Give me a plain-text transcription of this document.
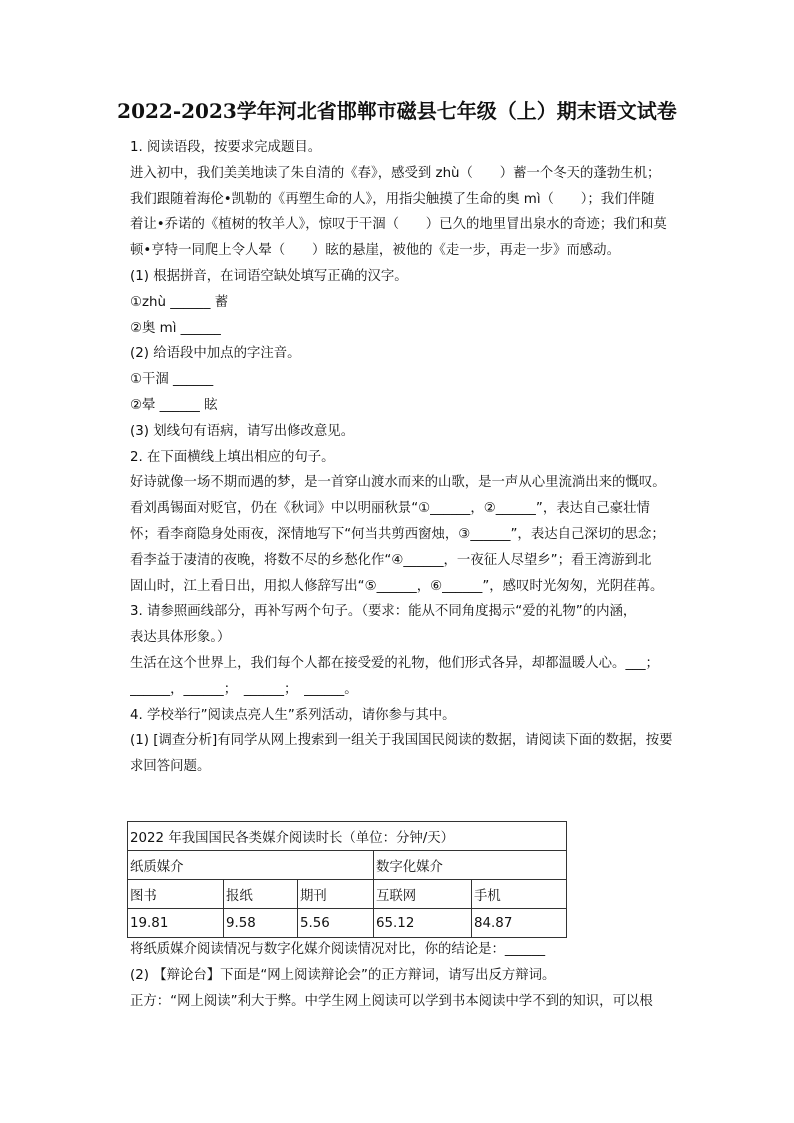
2022-2023学年河北省邯郸市磁县七年级（上）期末语文试卷
1. 阅读语段，按要求完成题目。
进入初中，我们美美地读了朱自清的《春》，感受到 zhù（　　）蓄一个冬天的蓬勃生机；
我们跟随着海伦•凯勒的《再塑生命的人》，用指尖触摸了生命的奥 mì（　　）；我们伴随
着让•乔诺的《植树的牧羊人》，惊叹于干涸（　　）已久的地里冒出泉水的奇迹；我们和莫
顿•亨特一同爬上令人晕（　　）眩的悬崖，被他的《走一步，再走一步》而感动。
(1) 根据拼音，在词语空缺处填写正确的汉字。
①zhù ______ 蓄
②奥 mì ______
(2) 给语段中加点的字注音。
①干涸 ______
②晕 ______ 眩
(3) 划线句有语病，请写出修改意见。
2. 在下面横线上填出相应的句子。
好诗就像一场不期而遇的梦，是一首穿山渡水而来的山歌，是一声从心里流淌出来的慨叹。
看刘禹锡面对贬官，仍在《秋词》中以明丽秋景“①______，②______”，表达自己豪壮情
怀；看李商隐身处雨夜，深情地写下“何当共剪西窗烛，③______”，表达自己深切的思念；
看李益于凄清的夜晚，将数不尽的乡愁化作“④______，一夜征人尽望乡”；看王湾游到北
固山时，江上看日出，用拟人修辞写出“⑤______，⑥______”，感叹时光匆匆，光阴荏苒。
3. 请参照画线部分，再补写两个句子。（要求：能从不同角度揭示“爱的礼物”的内涵，
表达具体形象。）
生活在这个世界上，我们每个人都在接受爱的礼物，他们形式各异，却都温暖人心。___；
______，______；　______；　______。
4. 学校举行”阅读点亮人生”系列活动，请你参与其中。
(1) [调查分析]有同学从网上搜索到一组关于我国国民阅读的数据，请阅读下面的数据，按要
求回答问题。
2022 年我国国民各类媒介阅读时长（单位：分钟/天）				
纸质媒介			数字化媒介	
图书	报纸	期刊	互联网	手机
19.81	9.58	5.56	65.12	84.87
将纸质媒介阅读情况与数字化媒介阅读情况对比，你的结论是：______
(2) 【辩论台】下面是“网上阅读辩论会”的正方辩词，请写出反方辩词。
正方：“网上阅读”利大于弊。中学生网上阅读可以学到书本阅读中学不到的知识，可以根
